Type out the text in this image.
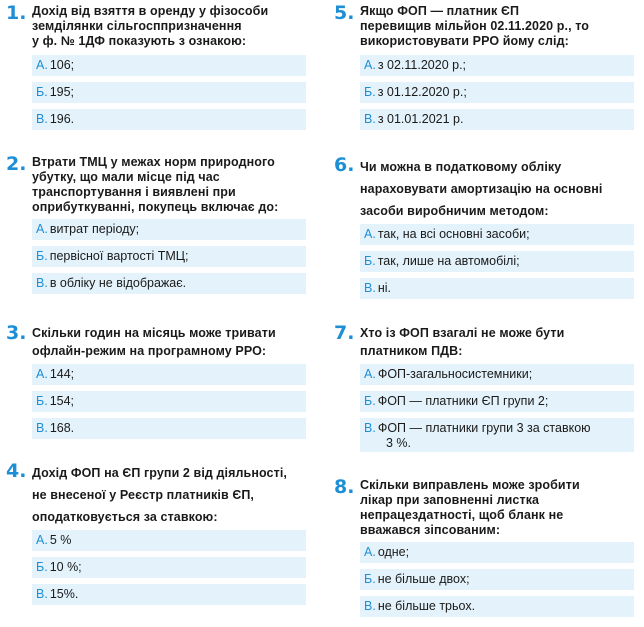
1. Дохід від взяття в оренду у фізособи
земділянки сільгосппризначення
у ф. № 1ДФ показують з ознакою:
А. 106;
Б. 195;
В. 196.
2. Втрати ТМЦ у межах норм природного
убутку, що мали місце під час
транспортування і виявлені при
оприбуткуванні, покупець включає до:
А. витрат періоду;
Б. первісної вартості ТМЦ;
В. в обліку не відображає.
3. Скільки годин на місяць може тривати
офлайн-режим на програмному РРО:
А. 144;
Б. 154;
В. 168.
4. Дохід ФОП на ЄП групи 2 від діяльності,
не внесеної у Реєстр платників ЄП,
оподатковується за ставкою:
А. 5 %
Б. 10 %;
В. 15%.
5. Якщо ФОП — платник ЄП
перевищив мільйон 02.11.2020 р., то
використовувати РРО йому слід:
А. з 02.11.2020 р.;
Б. з 01.12.2020 р.;
В. з 01.01.2021 р.
6. Чи можна в податковому обліку
нараховувати амортизацію на основні
засоби виробничим методом:
А. так, на всі основні засоби;
Б. так, лише на автомобілі;
В. ні.
7. Хто із ФОП взагалі не може бути
платником ПДВ:
А. ФОП-загальносистемники;
Б. ФОП — платники ЄП групи 2;
В. ФОП — платники групи 3 за ставкою
3 %.
8. Скільки виправлень може зробити
лікар при заповненні листка
непрацездатності, щоб бланк не
вважався зіпсованим:
А. одне;
Б. не більше двох;
В. не більше трьох.
